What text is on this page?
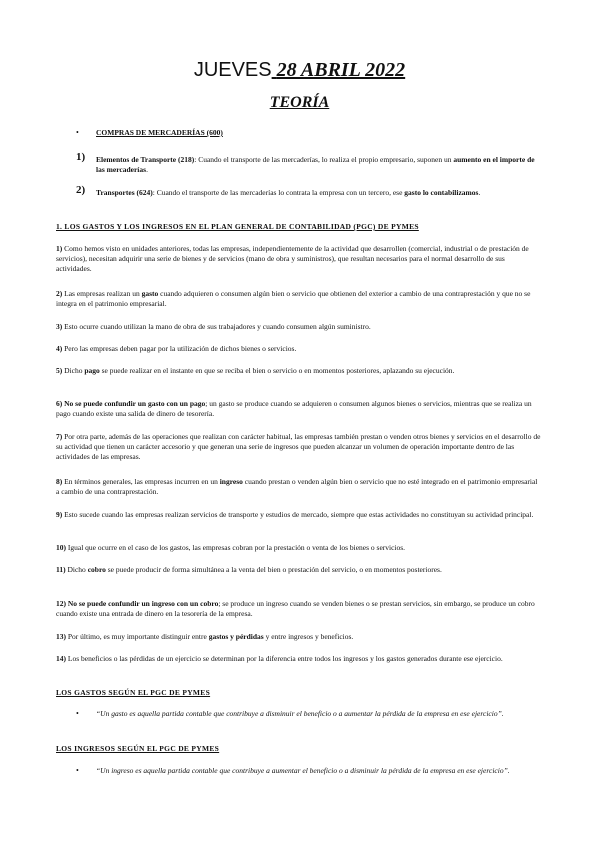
JUEVES 28 ABRIL 2022
TEORÍA
• COMPRAS DE MERCADERÍAS (600)
1) Elementos de Transporte (218): Cuando el transporte de las mercaderías, lo realiza el propio empresario, suponen un aumento en el importe de las mercaderías.
2) Transportes (624): Cuando el transporte de las mercaderías lo contrata la empresa con un tercero, ese gasto lo contabilizamos.
1. LOS GASTOS Y LOS INGRESOS EN EL PLAN GENERAL DE CONTABILIDAD (PGC) DE PYMES
1) Como hemos visto en unidades anteriores, todas las empresas, independientemente de la actividad que desarrollen (comercial, industrial o de prestación de servicios), necesitan adquirir una serie de bienes y de servicios (mano de obra y suministros), que resultan necesarios para el normal desarrollo de sus actividades.
2) Las empresas realizan un gasto cuando adquieren o consumen algún bien o servicio que obtienen del exterior a cambio de una contraprestación y que no se integra en el patrimonio empresarial.
3) Esto ocurre cuando utilizan la mano de obra de sus trabajadores y cuando consumen algún suministro.
4) Pero las empresas deben pagar por la utilización de dichos bienes o servicios.
5) Dicho pago se puede realizar en el instante en que se reciba el bien o servicio o en momentos posteriores, aplazando su ejecución.
6) No se puede confundir un gasto con un pago; un gasto se produce cuando se adquieren o consumen algunos bienes o servicios, mientras que se realiza un pago cuando existe una salida de dinero de tesorería.
7) Por otra parte, además de las operaciones que realizan con carácter habitual, las empresas también prestan o venden otros bienes y servicios en el desarrollo de su actividad que tienen un carácter accesorio y que generan una serie de ingresos que pueden alcanzar un volumen de operación importante dentro de las actividades de las empresas.
8) En términos generales, las empresas incurren en un ingreso cuando prestan o venden algún bien o servicio que no esté integrado en el patrimonio empresarial a cambio de una contraprestación.
9) Esto sucede cuando las empresas realizan servicios de transporte y estudios de mercado, siempre que estas actividades no constituyan su actividad principal.
10) Igual que ocurre en el caso de los gastos, las empresas cobran por la prestación o venta de los bienes o servicios.
11) Dicho cobro se puede producir de forma simultánea a la venta del bien o prestación del servicio, o en momentos posteriores.
12) No se puede confundir un ingreso con un cobro; se produce un ingreso cuando se venden bienes o se prestan servicios, sin embargo, se produce un cobro cuando existe una entrada de dinero en la tesorería de la empresa.
13) Por último, es muy importante distinguir entre gastos y pérdidas y entre ingresos y beneficios.
14) Los beneficios o las pérdidas de un ejercicio se determinan por la diferencia entre todos los ingresos y los gastos generados durante ese ejercicio.
LOS GASTOS SEGÚN EL PGC DE PYMES
• “Un gasto es aquella partida contable que contribuye a disminuir el beneficio o a aumentar la pérdida de la empresa en ese ejercicio”.
LOS INGRESOS SEGÚN EL PGC DE PYMES
• “Un ingreso es aquella partida contable que contribuye a aumentar el beneficio o a disminuir la pérdida de la empresa en ese ejercicio”.
